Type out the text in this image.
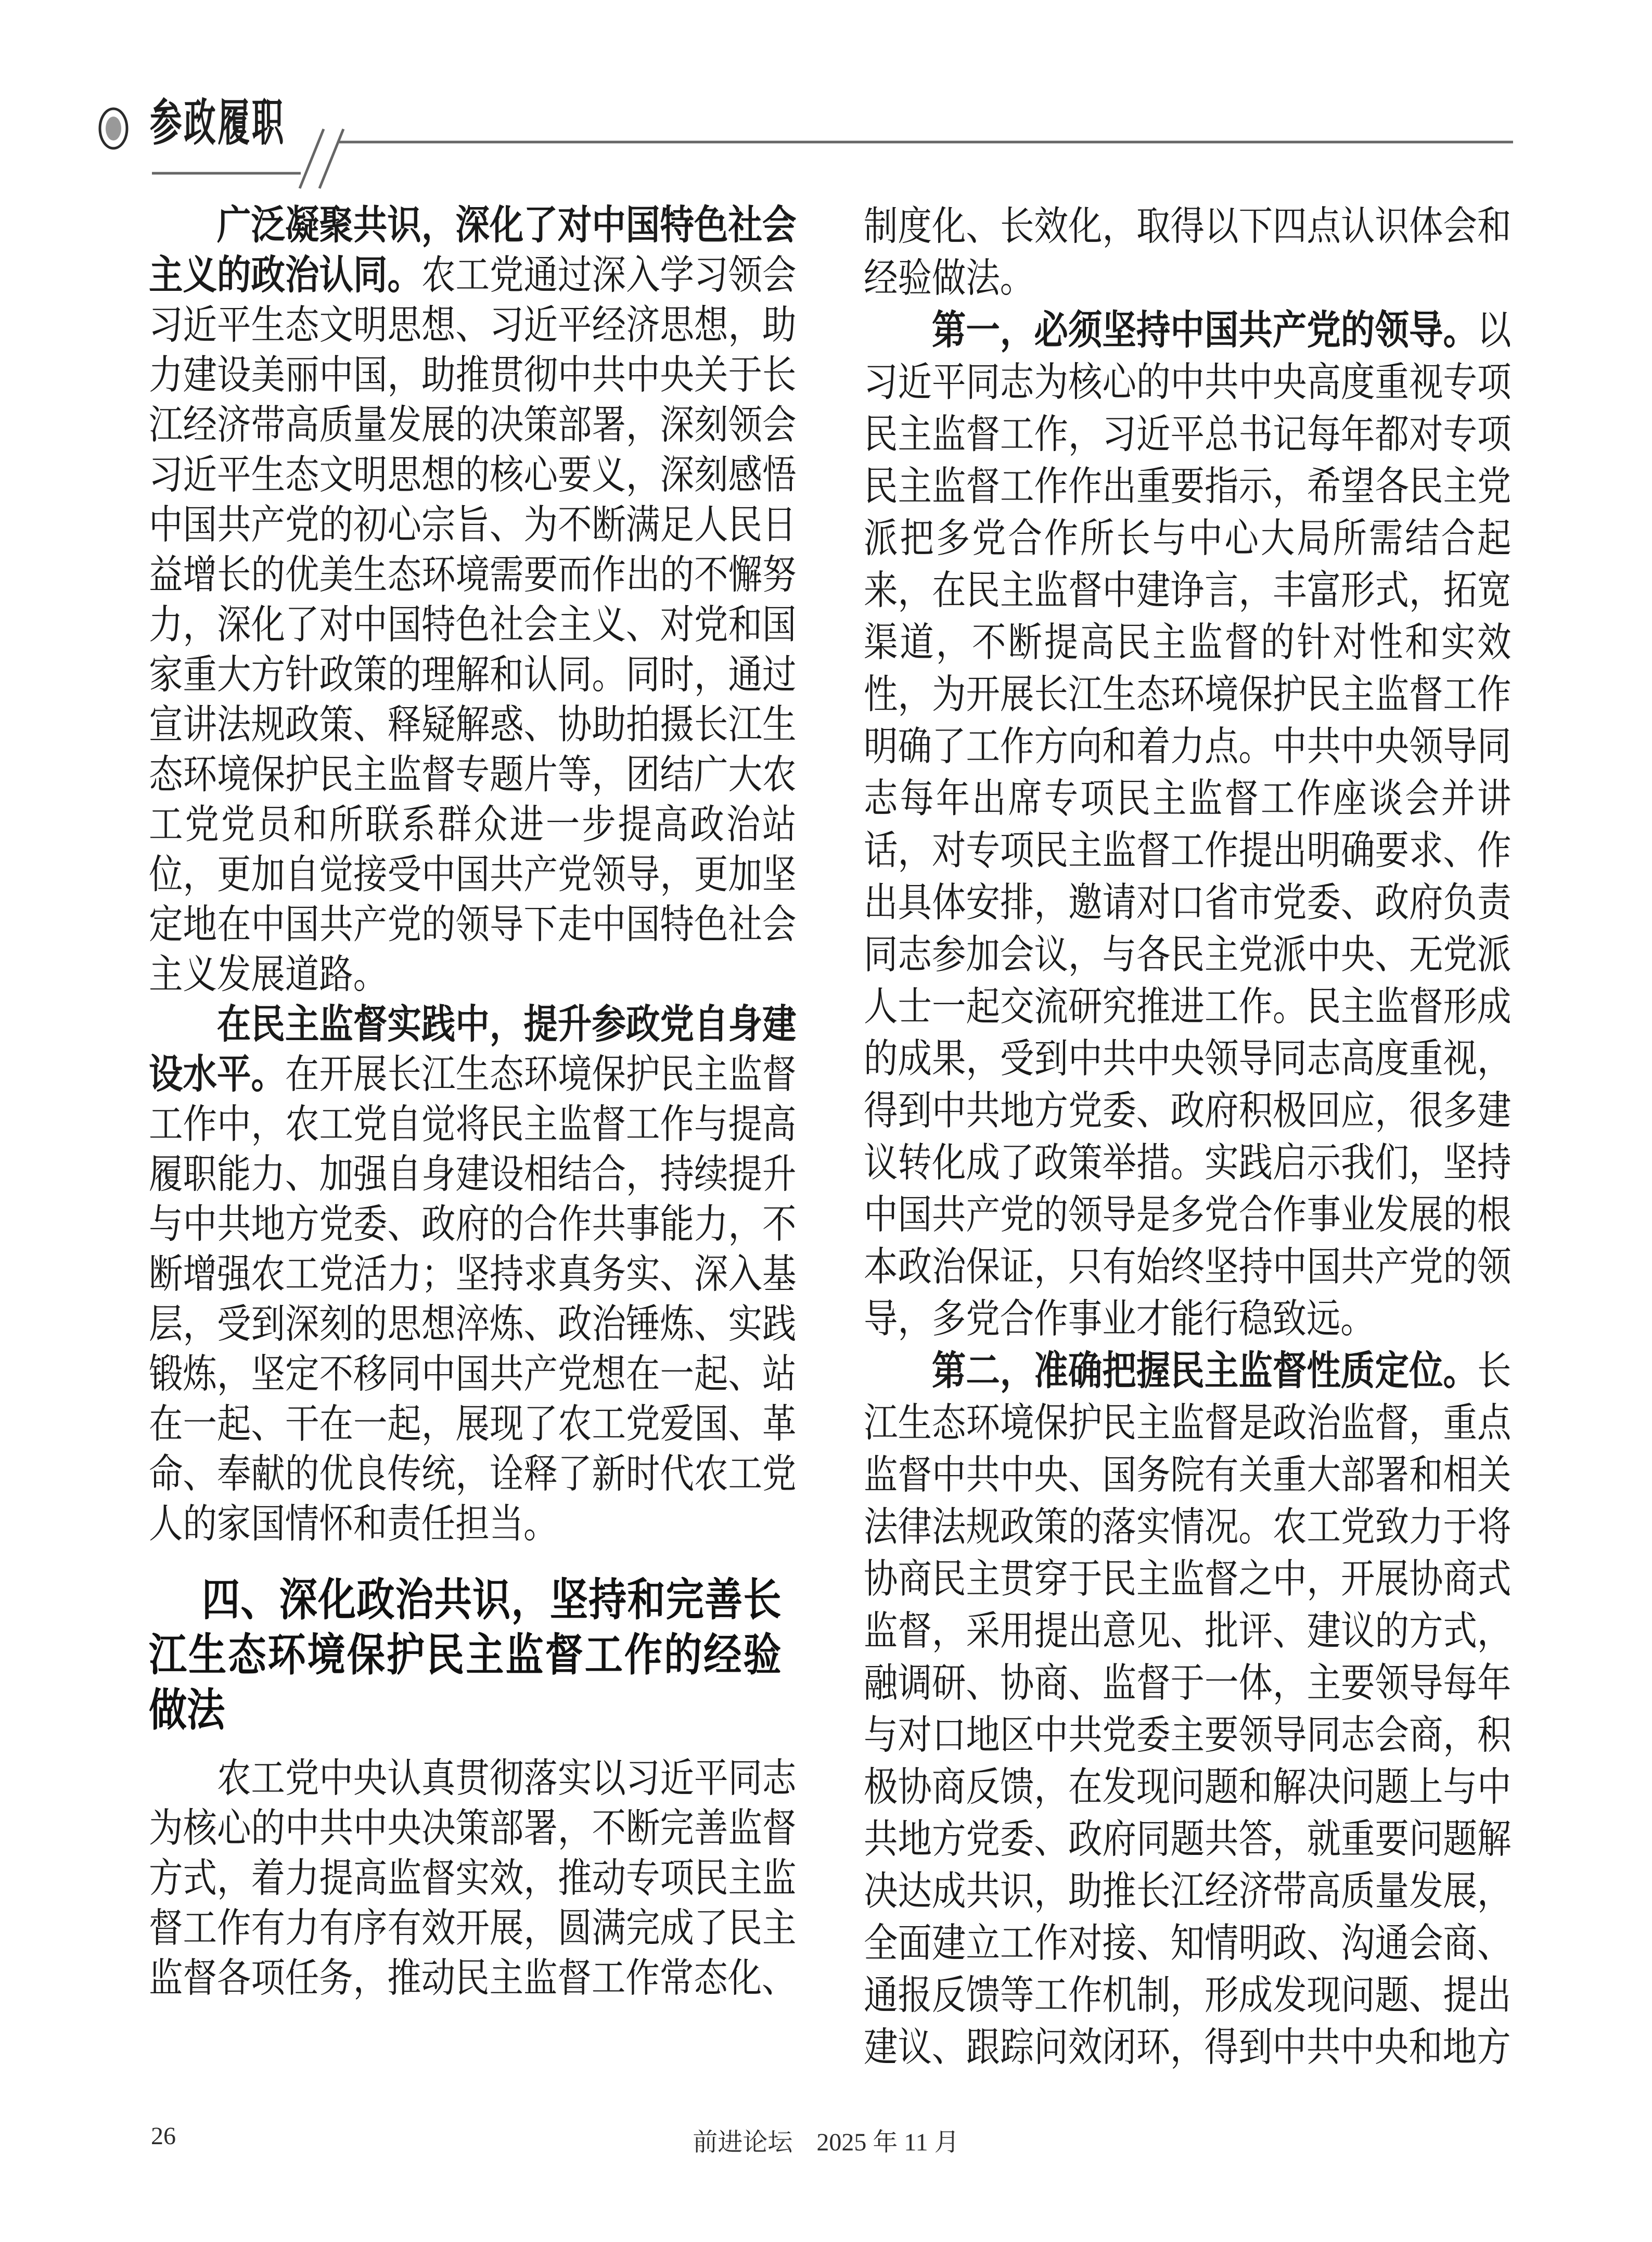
参政履职

广泛凝聚共识，深化了对中国特色社会主义的政治认同。农工党通过深入学习领会习近平生态文明思想、习近平经济思想，助力建设美丽中国，助推贯彻中共中央关于长江经济带高质量发展的决策部署，深刻领会习近平生态文明思想的核心要义，深刻感悟中国共产党的初心宗旨、为不断满足人民日益增长的优美生态环境需要而作出的不懈努力，深化了对中国特色社会主义、对党和国家重大方针政策的理解和认同。同时，通过宣讲法规政策、释疑解惑、协助拍摄长江生态环境保护民主监督专题片等，团结广大农工党党员和所联系群众进一步提高政治站位，更加自觉接受中国共产党领导，更加坚定地在中国共产党的领导下走中国特色社会主义发展道路。

在民主监督实践中，提升参政党自身建设水平。在开展长江生态环境保护民主监督工作中，农工党自觉将民主监督工作与提高履职能力、加强自身建设相结合，持续提升与中共地方党委、政府的合作共事能力，不断增强农工党活力；坚持求真务实、深入基层，受到深刻的思想淬炼、政治锤炼、实践锻炼，坚定不移同中国共产党想在一起、站在一起、干在一起，展现了农工党爱国、革命、奉献的优良传统，诠释了新时代农工党人的家国情怀和责任担当。

四、深化政治共识，坚持和完善长江生态环境保护民主监督工作的经验做法

农工党中央认真贯彻落实以习近平同志为核心的中共中央决策部署，不断完善监督方式，着力提高监督实效，推动专项民主监督工作有力有序有效开展，圆满完成了民主监督各项任务，推动民主监督工作常态化、

制度化、长效化，取得以下四点认识体会和经验做法。

第一，必须坚持中国共产党的领导。以习近平同志为核心的中共中央高度重视专项民主监督工作，习近平总书记每年都对专项民主监督工作作出重要指示，希望各民主党派把多党合作所长与中心大局所需结合起来，在民主监督中建诤言，丰富形式，拓宽渠道，不断提高民主监督的针对性和实效性，为开展长江生态环境保护民主监督工作明确了工作方向和着力点。中共中央领导同志每年出席专项民主监督工作座谈会并讲话，对专项民主监督工作提出明确要求、作出具体安排，邀请对口省市党委、政府负责同志参加会议，与各民主党派中央、无党派人士一起交流研究推进工作。民主监督形成的成果，受到中共中央领导同志高度重视，得到中共地方党委、政府积极回应，很多建议转化成了政策举措。实践启示我们，坚持中国共产党的领导是多党合作事业发展的根本政治保证，只有始终坚持中国共产党的领导，多党合作事业才能行稳致远。

第二，准确把握民主监督性质定位。长江生态环境保护民主监督是政治监督，重点监督中共中央、国务院有关重大部署和相关法律法规政策的落实情况。农工党致力于将协商民主贯穿于民主监督之中，开展协商式监督，采用提出意见、批评、建议的方式，融调研、协商、监督于一体，主要领导每年与对口地区中共党委主要领导同志会商，积极协商反馈，在发现问题和解决问题上与中共地方党委、政府同题共答，就重要问题解决达成共识，助推长江经济带高质量发展，全面建立工作对接、知情明政、沟通会商、通报反馈等工作机制，形成发现问题、提出建议、跟踪问效闭环，得到中共中央和地方

26	前进论坛 2025 年 11 月
